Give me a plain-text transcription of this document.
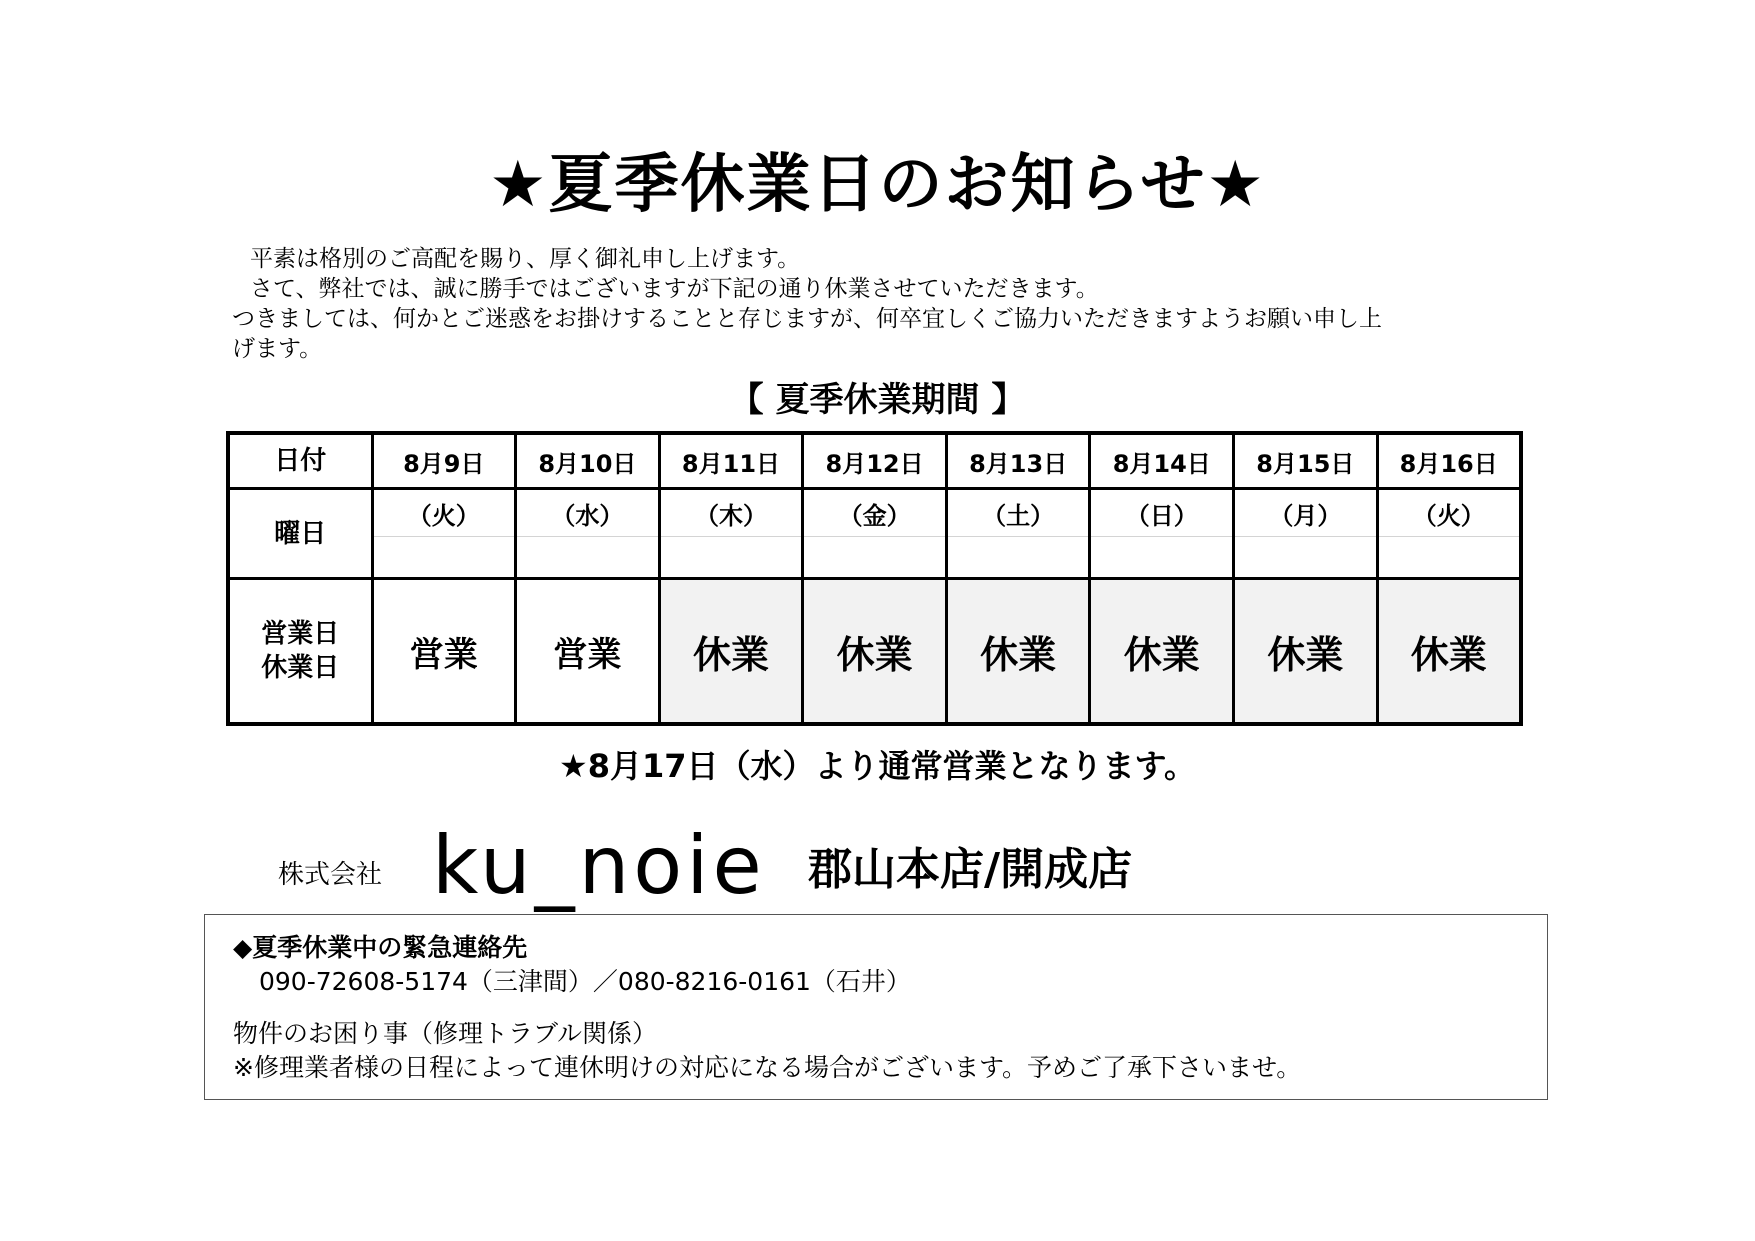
★夏季休業日のお知らせ★

平素は格別のご高配を賜り、厚く御礼申し上げます。

さて、弊社では、誠に勝手ではございますが下記の通り休業させていただきます。

つきましては、何かとご迷惑をお掛けすることと存じますが、何卒宜しくご協力いただきますようお願い申し上

げます。

【 夏季休業期間 】
日付	8月9日	8月10日	8月11日	8月12日	8月13日	8月14日	8月15日	8月16日
曜日	（火）	（水）	（木）	（金）	（土）	（日）	（月）	（火）

営業日
休業日	営業	営業	休業	休業	休業	休業	休業	休業
★8月17日（水）より通常営業となります。
株式会社 ku_noie 郡山本店/開成店

◆夏季休業中の緊急連絡先

090-72608-5174（三津間）／080-8216-0161（石井）

物件のお困り事（修理トラブル関係）

※修理業者様の日程によって連休明けの対応になる場合がございます。予めご了承下さいませ。
